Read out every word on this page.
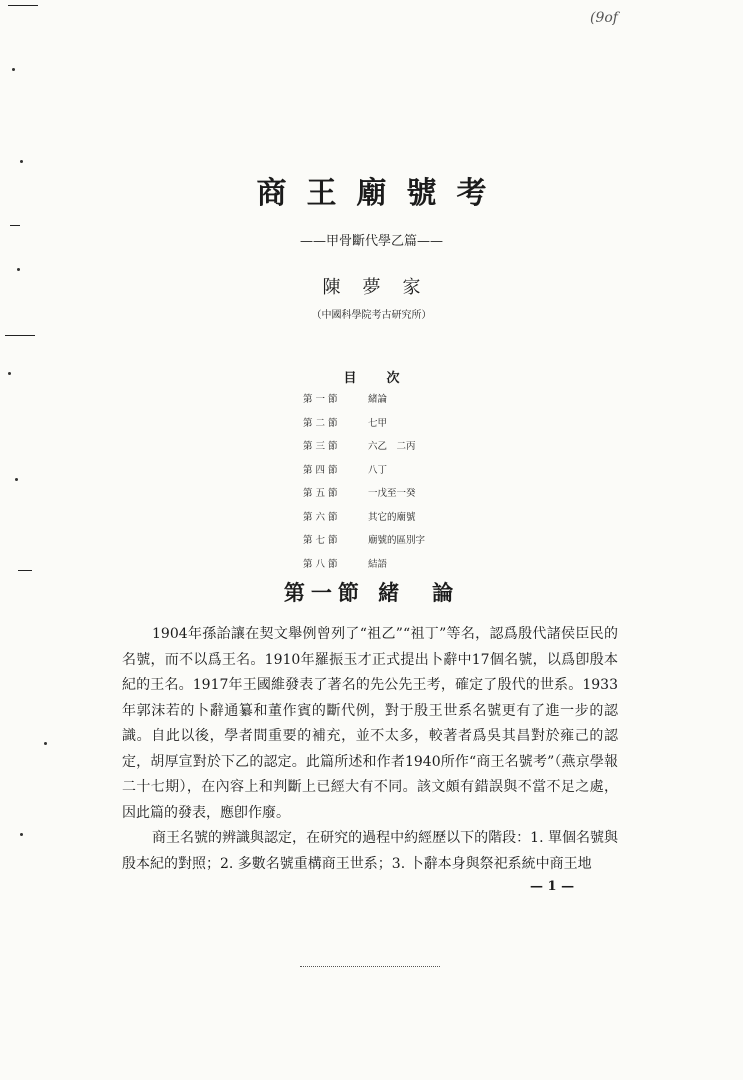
(9of
商王廟號考
——甲骨斷代學乙篇——
陳夢家
（中國科學院考古研究所）
目次
第一節	緒論
第二節	七甲
第三節	六乙　二丙
第四節	八丁
第五節	一戊至一癸
第六節	其它的廟號
第七節	廟號的區別字
第八節	結語
第一節 緒　論

1904年孫詒讓在契文舉例曾列了“祖乙”“祖丁”等名，認爲殷代諸侯臣民的名號，而不以爲王名。1910年羅振玉才正式提出卜辭中17個名號，以爲卽殷本紀的王名。1917年王國維發表了著名的先公先王考，確定了殷代的世系。1933年郭沫若的卜辭通纂和董作賓的斷代例，對于殷王世系名號更有了進一步的認識。自此以後，學者間重要的補充，並不太多，較著者爲吳其昌對於雍己的認定，胡厚宣對於下乙的認定。此篇所述和作者1940所作“商王名號考”（燕京學報二十七期），在內容上和判斷上已經大有不同。該文頗有錯誤與不當不足之處，因此篇的發表，應卽作廢。

商王名號的辨識與認定，在研究的過程中約經歷以下的階段：1. 單個名號與殷本紀的對照；2. 多數名號重構商王世系；3. 卜辭本身與祭祀系統中商王地

— 1 —
